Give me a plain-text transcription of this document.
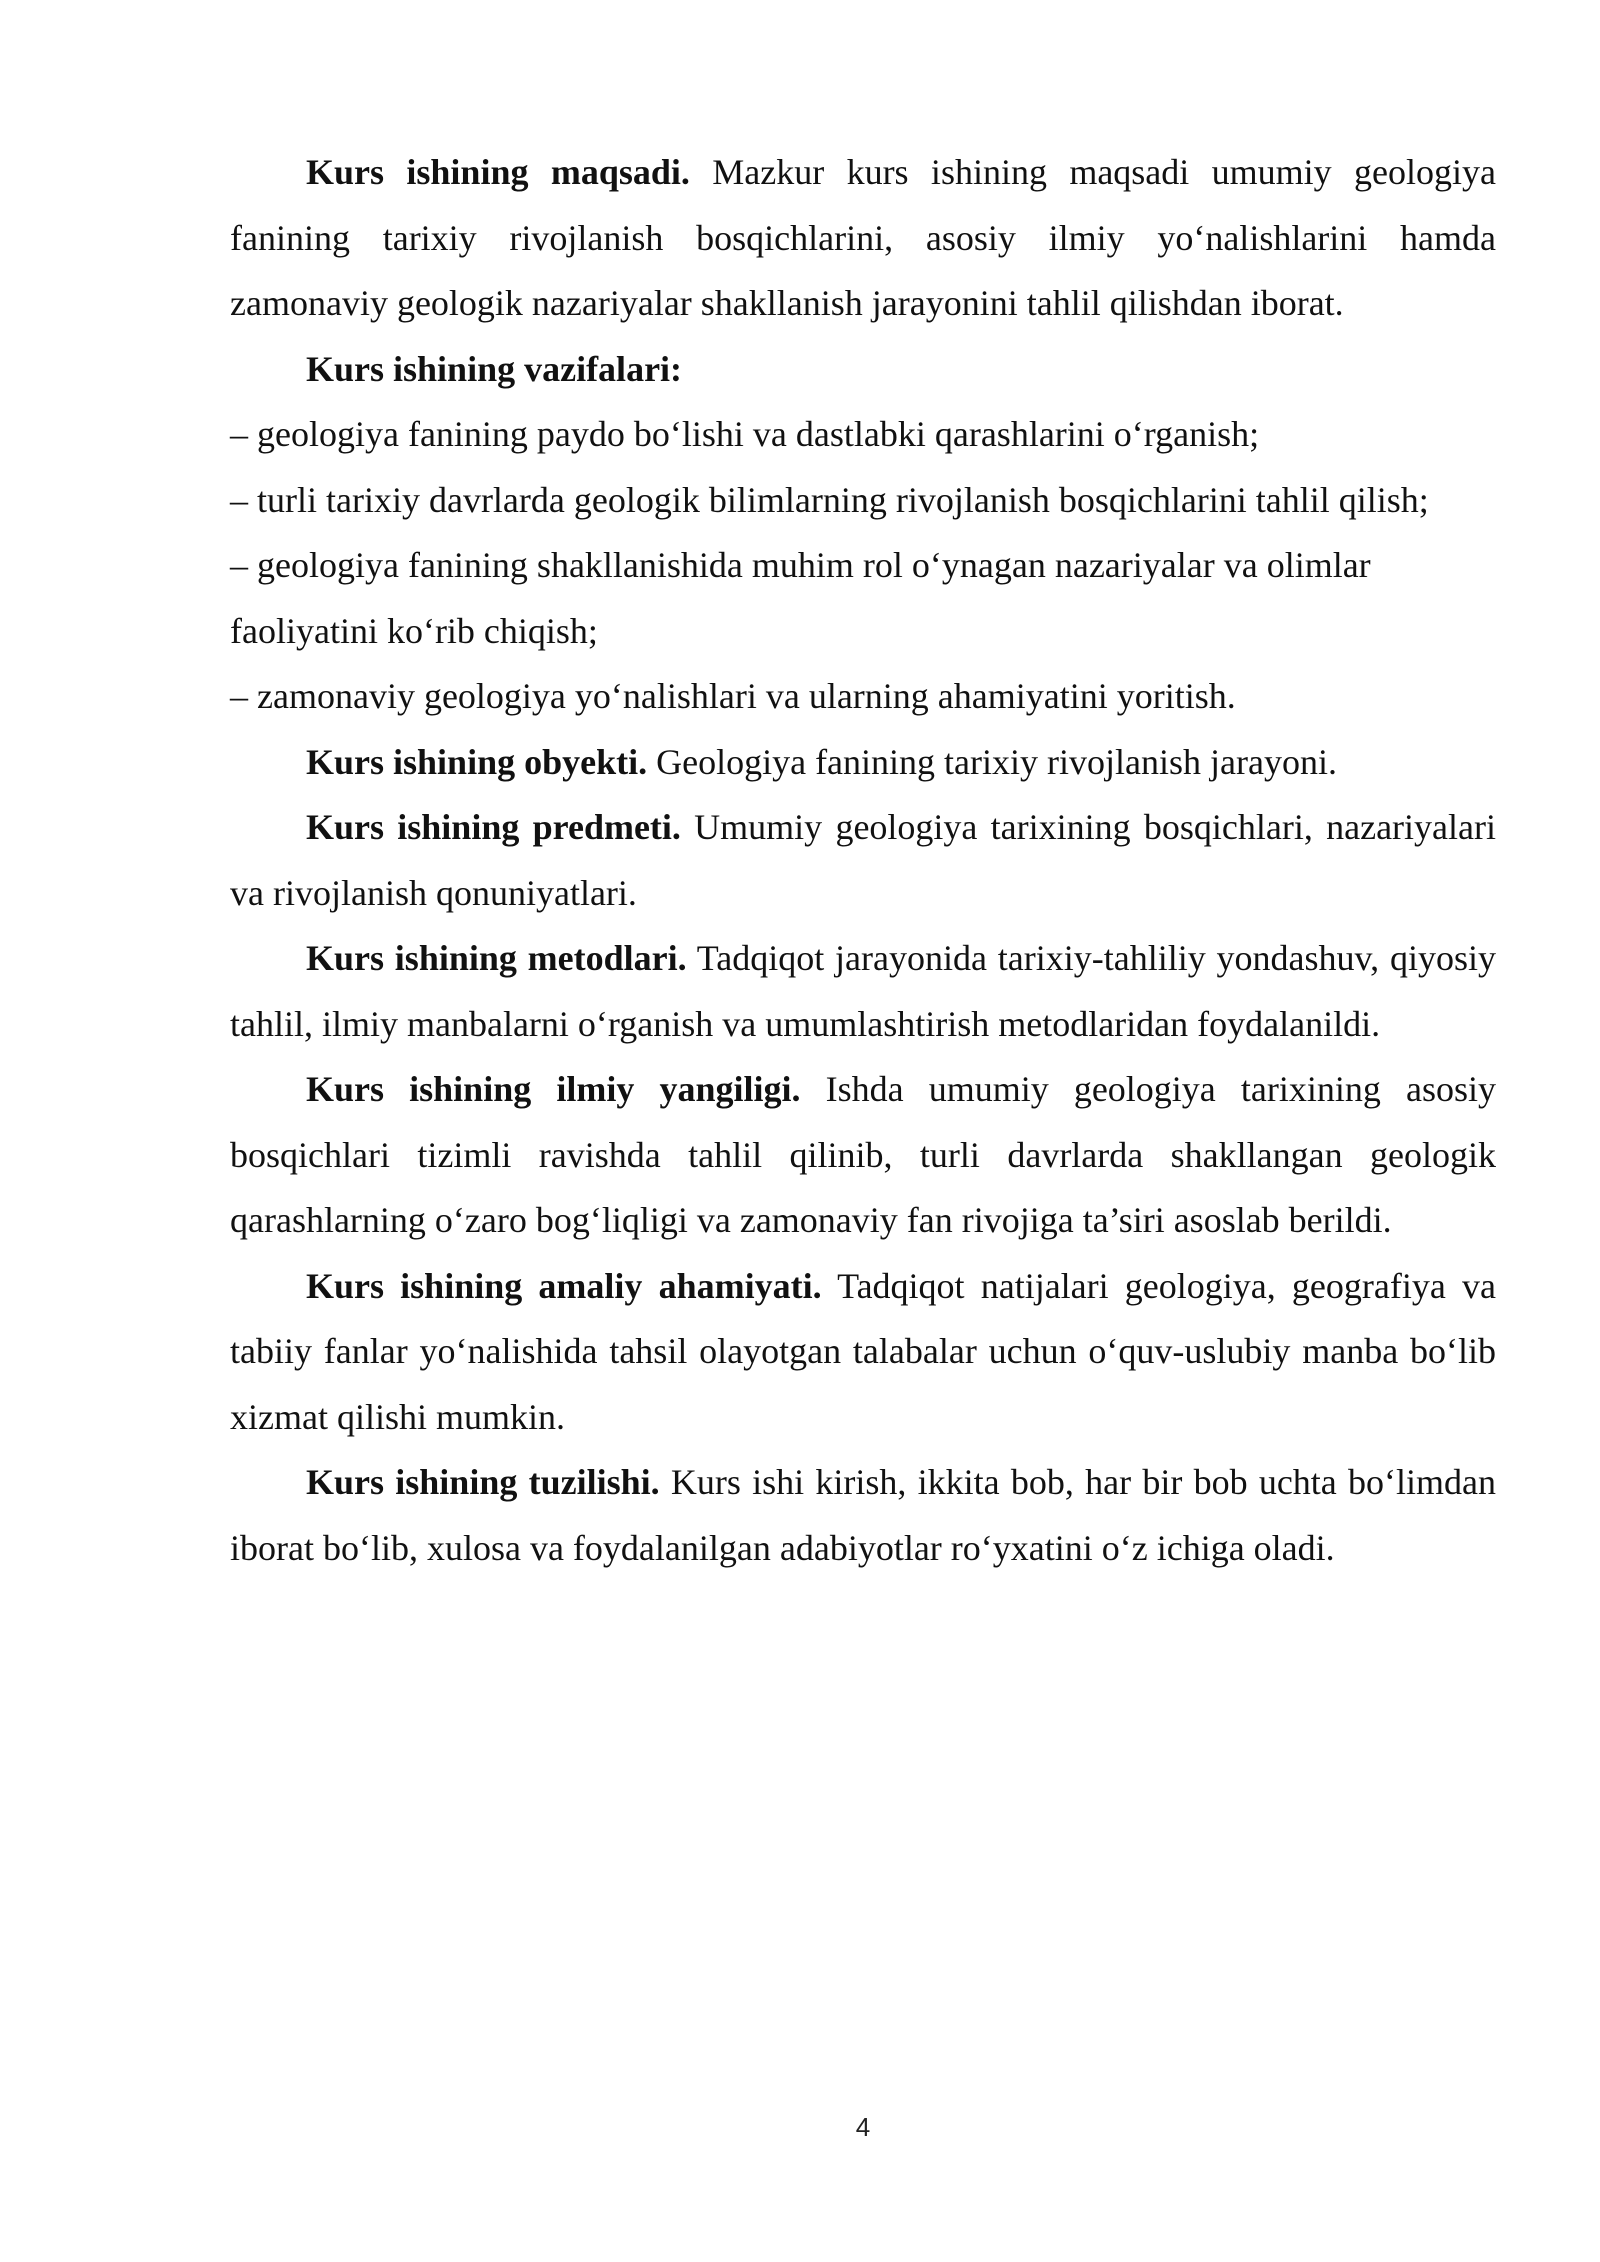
Kurs ishining maqsadi. Mazkur kurs ishining maqsadi umumiy geologiya fanining tarixiy rivojlanish bosqichlarini, asosiy ilmiy yo‘nalishlarini hamda zamonaviy geologik nazariyalar shakllanish jarayonini tahlil qilishdan iborat.

Kurs ishining vazifalari:

– geologiya fanining paydo bo‘lishi va dastlabki qarashlarini o‘rganish;
– turli tarixiy davrlarda geologik bilimlarning rivojlanish bosqichlarini tahlil qilish;
– geologiya fanining shakllanishida muhim rol o‘ynagan nazariyalar va olimlar faoliyatini ko‘rib chiqish;
– zamonaviy geologiya yo‘nalishlari va ularning ahamiyatini yoritish.

Kurs ishining obyekti. Geologiya fanining tarixiy rivojlanish jarayoni.

Kurs ishining predmeti. Umumiy geologiya tarixining bosqichlari, nazariyalari va rivojlanish qonuniyatlari.

Kurs ishining metodlari. Tadqiqot jarayonida tarixiy-tahliliy yondashuv, qiyosiy tahlil, ilmiy manbalarni o‘rganish va umumlashtirish metodlaridan foydalanildi.

Kurs ishining ilmiy yangiligi. Ishda umumiy geologiya tarixining asosiy bosqichlari tizimli ravishda tahlil qilinib, turli davrlarda shakllangan geologik qarashlarning o‘zaro bog‘liqligi va zamonaviy fan rivojiga ta’siri asoslab berildi.

Kurs ishining amaliy ahamiyati. Tadqiqot natijalari geologiya, geografiya va tabiiy fanlar yo‘nalishida tahsil olayotgan talabalar uchun o‘quv-uslubiy manba bo‘lib xizmat qilishi mumkin.

Kurs ishining tuzilishi. Kurs ishi kirish, ikkita bob, har bir bob uchta bo‘limdan iborat bo‘lib, xulosa va foydalanilgan adabiyotlar ro‘yxatini o‘z ichiga oladi.

4
